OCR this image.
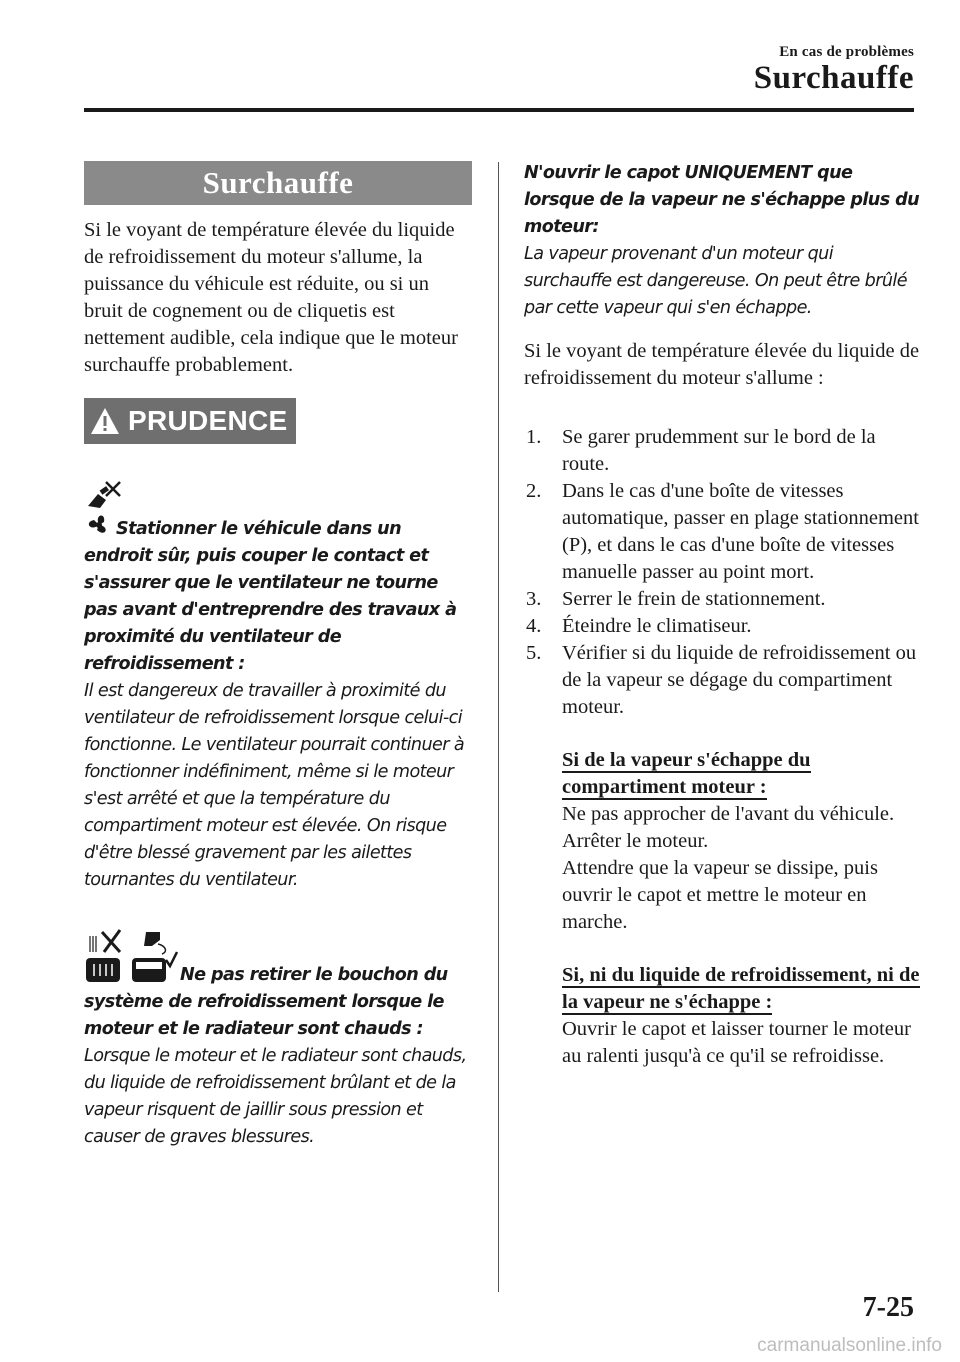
En cas de problèmes
Surchauffe
Surchauffe

Si le voyant de température élevée du liquide de refroidissement du moteur s'allume, la puissance du véhicule est réduite, ou si un bruit de cognement ou de cliquetis est nettement audible, cela indique que le moteur surchauffe probablement.

PRUDENCE

Stationner le véhicule dans un endroit sûr, puis couper le contact et s'assurer que le ventilateur ne tourne pas avant d'entreprendre des travaux à proximité du ventilateur de refroidissement :

Il est dangereux de travailler à proximité du ventilateur de refroidissement lorsque celui-ci fonctionne. Le ventilateur pourrait continuer à fonctionner indéfiniment, même si le moteur s'est arrêté et que la température du compartiment moteur est élevée. On risque d'être blessé gravement par les ailettes tournantes du ventilateur.

Ne pas retirer le bouchon du système de refroidissement lorsque le moteur et le radiateur sont chauds :

Lorsque le moteur et le radiateur sont chauds, du liquide de refroidissement brûlant et de la vapeur risquent de jaillir sous pression et causer de graves blessures.

N'ouvrir le capot UNIQUEMENT que lorsque de la vapeur ne s'échappe plus du moteur:

La vapeur provenant d'un moteur qui surchauffe est dangereuse. On peut être brûlé par cette vapeur qui s'en échappe.

Si le voyant de température élevée du liquide de refroidissement du moteur s'allume :

1. Se garer prudemment sur le bord de la route.
2. Dans le cas d'une boîte de vitesses automatique, passer en plage stationnement (P), et dans le cas d'une boîte de vitesses manuelle passer au point mort.
3. Serrer le frein de stationnement.
4. Éteindre le climatiseur.
5. Vérifier si du liquide de refroidissement ou de la vapeur se dégage du compartiment moteur.
Si de la vapeur s'échappe du compartiment moteur :

Ne pas approcher de l'avant du véhicule. Arrêter le moteur.

Attendre que la vapeur se dissipe, puis ouvrir le capot et mettre le moteur en marche.

Si, ni du liquide de refroidissement, ni de la vapeur ne s'échappe :

Ouvrir le capot et laisser tourner le moteur au ralenti jusqu'à ce qu'il se refroidisse.

7-25
carmanualsonline.info
